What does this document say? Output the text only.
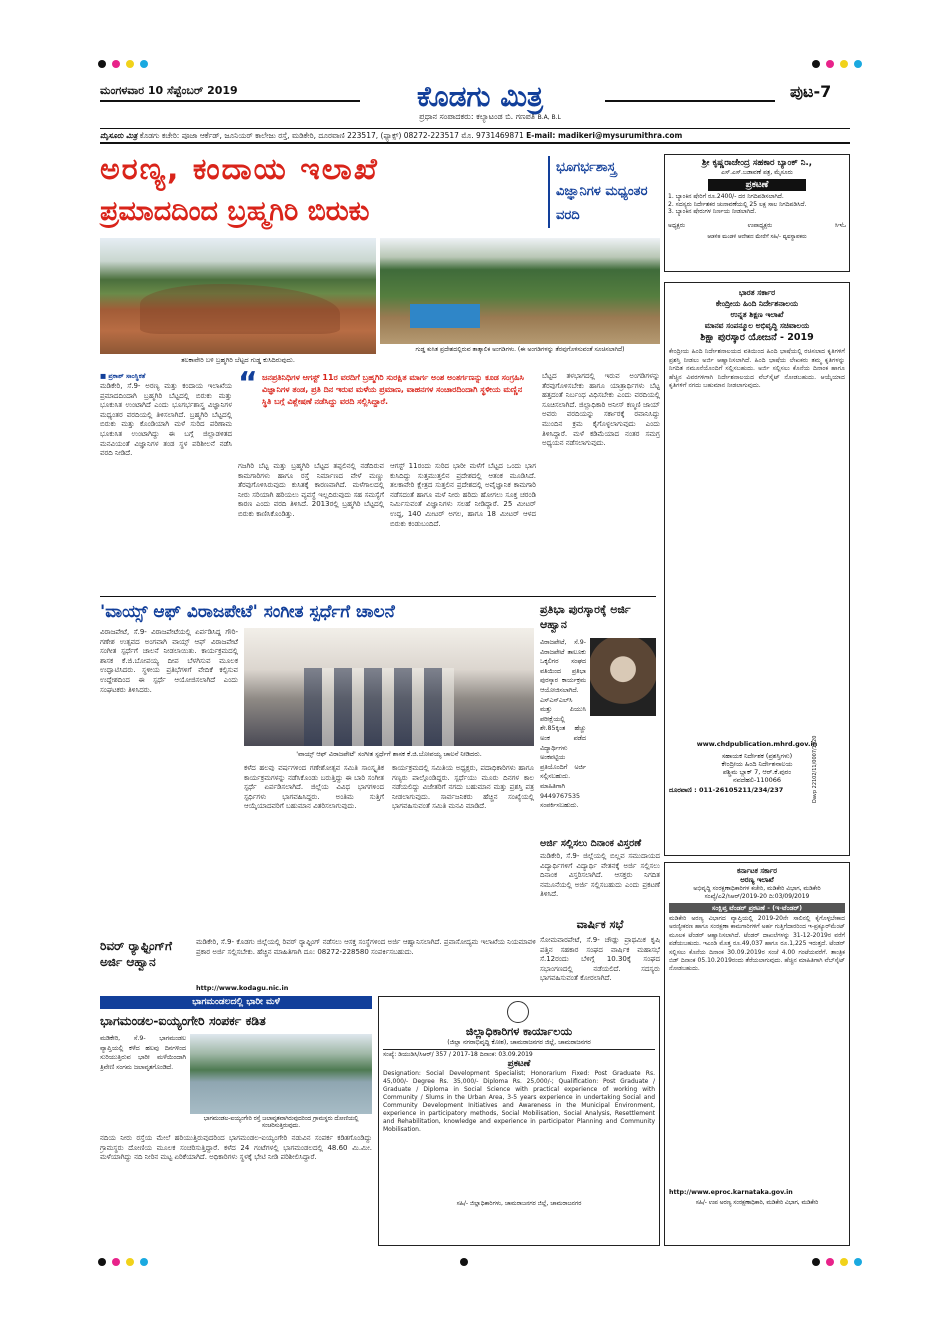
ಮಂಗಳವಾರ 10 ಸೆಪ್ಟೆಂಬರ್ 2019	ಕೊಡಗು ಮಿತ್ರ	ಪುಟ-7
ಪ್ರಧಾನ ಸಂಪಾದಕರು: ಕಲ್ಯಾಟಂಡ ಬಿ. ಗಣಪತಿ B.A, B.L
ಮೈಸೂರು ಮಿತ್ರ ಕೊಡಗು ಕಚೇರಿ: ಪೂಜಾ ಆರ್ಕೆಡ್, ಜೂನಿಯರ್ ಕಾಲೇಜು ರಸ್ತೆ, ಮಡಿಕೇರಿ, ದೂರವಾಣಿ 223517, (ಫ್ಯಾಕ್ಸ್) 08272-223517 ಮೊ. 9731469871 E-mail: madikeri@mysurumithra.com
ಅರಣ್ಯ, ಕಂದಾಯ ಇಲಾಖೆ
ಪ್ರಮಾದದಿಂದ ಬ್ರಹ್ಮಗಿರಿ ಬಿರುಕು
ಭೂಗರ್ಭಶಾಸ್ತ್ರ ವಿಜ್ಞಾನಿಗಳ ಮಧ್ಯಂತರ ವರದಿ
ತಲಕಾವೇರಿ ಬಳಿ ಬ್ರಹ್ಮಗಿರಿ ಬೆಟ್ಟದ ಗುಡ್ಡ ಕುಸಿದಿರುವುದು.
ಗುಡ್ಡ ಕುಸಿತ ಪ್ರದೇಶದಲ್ಲಿರುವ ತಾತ್ಕಾಲಿಕ ಅಂಗಡಿಗಳು. (ಈ ಅಂಗಡಿಗಳನ್ನು ತೆರವುಗೊಳಿಸುವಂತೆ ಸೂಚಿಸಲಾಗಿದೆ)
■ ಪ್ರಕಾಶ್ ಸಾಂಸ್ಥಿಕತೆ
ಮಡಿಕೇರಿ, ಸೆ.9- ಅರಣ್ಯ ಮತ್ತು ಕಂದಾಯ ಇಲಾಖೆಯ ಪ್ರಮಾದದಿಂದಾಗಿ ಬ್ರಹ್ಮಗಿರಿ ಬೆಟ್ಟದಲ್ಲಿ ಬಿರುಕು ಮತ್ತು ಭೂಕುಸಿತ ಉಂಟಾಗಿದೆ ಎಂದು ಭೂಗರ್ಭಶಾಸ್ತ್ರ ವಿಜ್ಞಾನಿಗಳ ಮಧ್ಯಂತರ ವರದಿಯಲ್ಲಿ ತಿಳಿಸಲಾಗಿದೆ. ಬ್ರಹ್ಮಗಿರಿ ಬೆಟ್ಟದಲ್ಲಿ ಬಿರುಕು ಮತ್ತು ಕೊಂಡಿಯಾಗಿ ಮಳೆ ಸುರಿದ ಪರಿಣಾಮ ಭೂಕುಸಿತ ಉಂಟಾಗಿದ್ದು ಈ ಬಗ್ಗೆ ಜಿಲ್ಲಾಡಳಿತದ ಮನವಿಯಂತೆ ವಿಜ್ಞಾನಿಗಳ ತಂಡ ಸ್ಥಳ ಪರಿಶೀಲನೆ ನಡೆಸಿ ವರದಿ ನೀಡಿದೆ.
“ ಜನಪ್ರತಿನಿಧಿಗಳ ಆಗಸ್ಟ್ 11ರ ವರದಿಗೆ ಬ್ರಹ್ಮಗಿರಿ ಸುರಕ್ಷಿತ ಮಾರ್ಗ ಅಂಶ ಅಂತರ್ಗಣನ್ನು ಕೂಡ ಸಂಗ್ರಹಿಸಿ ವಿಜ್ಞಾನಿಗಳ ತಂಡ, ಪ್ರತಿ ದಿನ ಇರುವ ಮಳೆಯ ಪ್ರಮಾಣ, ವಾಹನಗಳ ಸಂಚಾರದಿಂದಾಗಿ ಸ್ಥಳೀಯ ಮಣ್ಣಿನ ಸ್ಥಿತಿ ಬಗ್ಗೆ ವಿಶ್ಲೇಷಣೆ ನಡೆಸಿದ್ದು ವರದಿ ಸಲ್ಲಿಸಿದ್ದಾರೆ.
ಗಜಗಿರಿ ಬೆಟ್ಟ ಮತ್ತು ಬ್ರಹ್ಮಗಿರಿ ಬೆಟ್ಟದ ತಪ್ಪಲಿನಲ್ಲಿ ನಡೆದಿರುವ ಕಾಮಗಾರಿಗಳು ಹಾಗೂ ರಸ್ತೆ ನಿರ್ಮಾಣದ ವೇಳೆ ಮಣ್ಣು ತೆರವುಗೊಳಿಸಿರುವುದು ಕುಸಿತಕ್ಕೆ ಕಾರಣವಾಗಿದೆ. ಮಳೆಗಾಲದಲ್ಲಿ ನೀರು ಸರಿಯಾಗಿ ಹರಿಯಲು ವ್ಯವಸ್ಥೆ ಇಲ್ಲದಿರುವುದು ಸಹ ಸಮಸ್ಯೆಗೆ ಕಾರಣ ಎಂದು ವರದಿ ತಿಳಿಸಿದೆ. 2013ರಲ್ಲಿ ಬ್ರಹ್ಮಗಿರಿ ಬೆಟ್ಟದಲ್ಲಿ ಬಿರುಕು ಕಾಣಿಸಿಕೊಂಡಿತ್ತು.
ಆಗಸ್ಟ್ 11ರಂದು ಸುರಿದ ಭಾರೀ ಮಳೆಗೆ ಬೆಟ್ಟದ ಒಂದು ಭಾಗ ಕುಸಿದಿದ್ದು ಸುತ್ತಮುತ್ತಲಿನ ಪ್ರದೇಶದಲ್ಲಿ ಆತಂಕ ಮೂಡಿಸಿದೆ. ತಲಕಾವೇರಿ ಕ್ಷೇತ್ರದ ಸುತ್ತಲಿನ ಪ್ರದೇಶದಲ್ಲಿ ಅವೈಜ್ಞಾನಿಕ ಕಾಮಗಾರಿ ನಡೆಸದಂತೆ ಹಾಗೂ ಮಳೆ ನೀರು ಹರಿದು ಹೋಗಲು ಸೂಕ್ತ ಚರಂಡಿ ನಿರ್ಮಿಸುವಂತೆ ವಿಜ್ಞಾನಿಗಳು ಸಲಹೆ ನೀಡಿದ್ದಾರೆ. 25 ಮೀಟರ್ ಉದ್ದ, 140 ಮೀಟರ್ ಅಗಲ, ಹಾಗೂ 18 ಮೀಟರ್ ಆಳದ ಬಿರುಕು ಕಂಡುಬಂದಿದೆ.
ಬೆಟ್ಟದ ತಳಭಾಗದಲ್ಲಿ ಇರುವ ಅಂಗಡಿಗಳನ್ನು ತೆರವುಗೊಳಿಸಬೇಕು ಹಾಗೂ ಯಾತ್ರಾರ್ಥಿಗಳು ಬೆಟ್ಟ ಹತ್ತದಂತೆ ನಿರ್ಬಂಧ ವಿಧಿಸಬೇಕು ಎಂದು ವರದಿಯಲ್ಲಿ ಸೂಚಿಸಲಾಗಿದೆ. ಜಿಲ್ಲಾಧಿಕಾರಿ ಅನೀಸ್ ಕಣ್ಮಣಿ ಜಾಯ್ ಅವರು ವರದಿಯನ್ನು ಸರ್ಕಾರಕ್ಕೆ ರವಾನಿಸಿದ್ದು ಮುಂದಿನ ಕ್ರಮ ಕೈಗೊಳ್ಳಲಾಗುವುದು ಎಂದು ತಿಳಿಸಿದ್ದಾರೆ. ಮಳೆ ಕಡಿಮೆಯಾದ ನಂತರ ಸಮಗ್ರ ಅಧ್ಯಯನ ನಡೆಸಲಾಗುವುದು.
ಶ್ರೀ ಕೃಷ್ಣರಾಜೇಂದ್ರ ಸಹಕಾರ ಬ್ಯಾಂಕ್ ನಿ.,
ಎಸ್.ಎಸ್.ಬಡಾವಣೆ ಪತ್ರ, ಮೈಸೂರು
ಪ್ರಕಟಣೆ
1. ಬ್ಯಾಂಕಿನ ಷೇರಿಗೆ ರೂ.2400/- ದರ ನಿಗದಿಪಡಿಸಲಾಗಿದೆ.
2. ಸದಸ್ಯರು ನಿರ್ದೇಶಕರ ಚುನಾವಣೆಯಲ್ಲಿ 25 ಲಕ್ಷ ಸಾಲ ನಿಗದಿಪಡಿಸಿದೆ.
3. ಬ್ಯಾಂಕಿನ ಷೇರುಗಳ ನಿರ್ಣಯ ನೀಡಲಾಗಿದೆ.
ಅಧ್ಯಕ್ಷರು	ಉಪಾಧ್ಯಕ್ಷರು	ಸಿಇಓ
ಆಡಳಿತ ಮಂಡಳಿ ಆದೇಶದ ಮೇರೆಗೆ ಸಹಿ/- ವ್ಯವಸ್ಥಾಪಕರು
ಭಾರತ ಸರ್ಕಾರ
ಕೇಂದ್ರೀಯ ಹಿಂದಿ ನಿರ್ದೇಶನಾಲಯ
ಉನ್ನತ ಶಿಕ್ಷಣ ಇಲಾಖೆ
ಮಾನವ ಸಂಪನ್ಮೂಲ ಅಭಿವೃದ್ಧಿ ಸಚಿವಾಲಯ
ಶಿಕ್ಷಾ ಪುರಸ್ಕಾರ ಯೋಜನೆ - 2019
ಕೇಂದ್ರೀಯ ಹಿಂದಿ ನಿರ್ದೇಶನಾಲಯದ ವತಿಯಿಂದ ಹಿಂದಿ ಭಾಷೆಯಲ್ಲಿ ರಚಿಸಲಾದ ಕೃತಿಗಳಿಗೆ ಪ್ರಶಸ್ತಿ ನೀಡಲು ಅರ್ಜಿ ಆಹ್ವಾನಿಸಲಾಗಿದೆ. ಹಿಂದಿ ಭಾಷೆಯ ಲೇಖಕರು ತಮ್ಮ ಕೃತಿಗಳನ್ನು ನಿಗದಿತ ನಮೂನೆಯೊಂದಿಗೆ ಸಲ್ಲಿಸಬಹುದು. ಅರ್ಜಿ ಸಲ್ಲಿಸಲು ಕೊನೆಯ ದಿನಾಂಕ ಹಾಗೂ ಹೆಚ್ಚಿನ ವಿವರಗಳಿಗಾಗಿ ನಿರ್ದೇಶನಾಲಯದ ವೆಬ್‌ಸೈಟ್ ನೋಡಬಹುದು. ಆಯ್ಕೆಯಾದ ಕೃತಿಗಳಿಗೆ ನಗದು ಬಹುಮಾನ ನೀಡಲಾಗುವುದು.
www.chdpublication.mhrd.gov.in
ಸಹಾಯಕ ನಿರ್ದೇಶಕ (ಪ್ರಶಸ್ತಿಗಳು)
ಕೇಂದ್ರೀಯ ಹಿಂದಿ ನಿರ್ದೇಶನಾಲಯ
ಪಶ್ಚಿಮ ಬ್ಲಾಕ್ 7, ಆರ್.ಕೆ.ಪುರಂ
ನವದೆಹಲಿ-110066
ದೂರವಾಣಿ : 011-26105211/234/237	Davp 22102/11/0007/1920
'ವಾಯ್ಸ್ ಆಫ್ ವಿರಾಜಪೇಟೆ' ಸಂಗೀತ ಸ್ಪರ್ಧೆಗೆ ಚಾಲನೆ
ವಿರಾಜಪೇಟೆ, ಸೆ.9- ವಿರಾಜಪೇಟೆಯಲ್ಲಿ ಏರ್ಪಡಿಸಿದ್ದ ಗೌರಿ-ಗಣೇಶ ಉತ್ಸವದ ಅಂಗವಾಗಿ ವಾಯ್ಸ್ ಆಫ್ ವಿರಾಜಪೇಟೆ ಸಂಗೀತ ಸ್ಪರ್ಧೆಗೆ ಚಾಲನೆ ನೀಡಲಾಯಿತು. ಕಾರ್ಯಕ್ರಮದಲ್ಲಿ ಶಾಸಕ ಕೆ.ಜಿ.ಬೋಪಯ್ಯ ದೀಪ ಬೆಳಗಿಸುವ ಮೂಲಕ ಉದ್ಘಾಟಿಸಿದರು. ಸ್ಥಳೀಯ ಪ್ರತಿಭೆಗಳಿಗೆ ವೇದಿಕೆ ಕಲ್ಪಿಸುವ ಉದ್ದೇಶದಿಂದ ಈ ಸ್ಪರ್ಧೆ ಆಯೋಜಿಸಲಾಗಿದೆ ಎಂದು ಸಂಘಟಕರು ತಿಳಿಸಿದರು.
'ವಾಯ್ಸ್ ಆಫ್ ವಿರಾಜಪೇಟೆ' ಸಂಗೀತ ಸ್ಪರ್ಧೆಗೆ ಶಾಸಕ ಕೆ.ಜಿ.ಬೋಪಯ್ಯ ಚಾಲನೆ ನೀಡಿದರು.
ಕಳೆದ ಹಲವು ವರ್ಷಗಳಿಂದ ಗಣೇಶೋತ್ಸವ ಸಮಿತಿ ಸಾಂಸ್ಕೃತಿಕ ಕಾರ್ಯಕ್ರಮಗಳನ್ನು ನಡೆಸಿಕೊಂಡು ಬರುತ್ತಿದ್ದು ಈ ಬಾರಿ ಸಂಗೀತ ಸ್ಪರ್ಧೆ ಏರ್ಪಡಿಸಲಾಗಿದೆ. ಜಿಲ್ಲೆಯ ವಿವಿಧ ಭಾಗಗಳಿಂದ ಸ್ಪರ್ಧಿಗಳು ಭಾಗವಹಿಸಿದ್ದರು. ಅಂತಿಮ ಸುತ್ತಿಗೆ ಆಯ್ಕೆಯಾದವರಿಗೆ ಬಹುಮಾನ ವಿತರಿಸಲಾಗುವುದು.
ಕಾರ್ಯಕ್ರಮದಲ್ಲಿ ಸಮಿತಿಯ ಅಧ್ಯಕ್ಷರು, ಪದಾಧಿಕಾರಿಗಳು ಹಾಗೂ ಗಣ್ಯರು ಪಾಲ್ಗೊಂಡಿದ್ದರು. ಸ್ಪರ್ಧೆಯು ಮೂರು ದಿನಗಳ ಕಾಲ ನಡೆಯಲಿದ್ದು ವಿಜೇತರಿಗೆ ನಗದು ಬಹುಮಾನ ಮತ್ತು ಪ್ರಶಸ್ತಿ ಪತ್ರ ನೀಡಲಾಗುವುದು. ಸಾರ್ವಜನಿಕರು ಹೆಚ್ಚಿನ ಸಂಖ್ಯೆಯಲ್ಲಿ ಭಾಗವಹಿಸುವಂತೆ ಸಮಿತಿ ಮನವಿ ಮಾಡಿದೆ.
ಪ್ರತಿಭಾ ಪುರಸ್ಕಾರಕ್ಕೆ ಅರ್ಜಿ ಆಹ್ವಾನ
ವಿರಾಜಪೇಟೆ, ಸೆ.9- ವಿರಾಜಪೇಟೆ ತಾಲೂಕು ಒಕ್ಕಲಿಗರ ಸಂಘದ ವತಿಯಿಂದ ಪ್ರತಿಭಾ ಪುರಸ್ಕಾರ ಕಾರ್ಯಕ್ರಮ ಆಯೋಜಿಸಲಾಗಿದೆ. ಎಸ್‌ಎಸ್‌ಎಲ್‌ಸಿ ಮತ್ತು ಪಿಯುಸಿ ಪರೀಕ್ಷೆಯಲ್ಲಿ ಶೇ.85ಕ್ಕಿಂತ ಹೆಚ್ಚು ಅಂಕ ಪಡೆದ ವಿದ್ಯಾರ್ಥಿಗಳು ಅಂಕಪಟ್ಟಿಯ ಪ್ರತಿಯೊಂದಿಗೆ ಅರ್ಜಿ ಸಲ್ಲಿಸಬಹುದು. ಮಾಹಿತಿಗಾಗಿ 9449767535 ಸಂಪರ್ಕಿಸಬಹುದು.
ಅರ್ಜಿ ಸಲ್ಲಿಸಲು ದಿನಾಂಕ ವಿಸ್ತರಣೆ
ಮಡಿಕೇರಿ, ಸೆ.9- ಜಿಲ್ಲೆಯಲ್ಲಿ ಬಿಲ್ಲವ ಸಮುದಾಯದ ವಿದ್ಯಾರ್ಥಿಗಳಿಗೆ ವಿದ್ಯಾರ್ಥಿ ವೇತನಕ್ಕೆ ಅರ್ಜಿ ಸಲ್ಲಿಸಲು ದಿನಾಂಕ ವಿಸ್ತರಿಸಲಾಗಿದೆ. ಆಸಕ್ತರು ನಿಗದಿತ ನಮೂನೆಯಲ್ಲಿ ಅರ್ಜಿ ಸಲ್ಲಿಸಬಹುದು ಎಂದು ಪ್ರಕಟಣೆ ತಿಳಿಸಿದೆ.
ವಾರ್ಷಿಕ ಸಭೆ
ಸೋಮವಾರಪೇಟೆ, ಸೆ.9- ಚೌಡ್ಲು ಪ್ರಾಥಮಿಕ ಕೃಷಿ ಪತ್ತಿನ ಸಹಕಾರ ಸಂಘದ ವಾರ್ಷಿಕ ಮಹಾಸಭೆ ಸೆ.12ರಂದು ಬೆಳಿಗ್ಗೆ 10.30ಕ್ಕೆ ಸಂಘದ ಸಭಾಂಗಣದಲ್ಲಿ ನಡೆಯಲಿದೆ. ಸದಸ್ಯರು ಭಾಗವಹಿಸುವಂತೆ ಕೋರಲಾಗಿದೆ.
ರಿವರ್ ರ‍್ಯಾಫ್ಟಿಂಗ್‌ಗೆ ಅರ್ಜಿ ಆಹ್ವಾನ
ಮಡಿಕೇರಿ, ಸೆ.9- ಕೊಡಗು ಜಿಲ್ಲೆಯಲ್ಲಿ ರಿವರ್ ರ‍್ಯಾಫ್ಟಿಂಗ್ ನಡೆಸಲು ಆಸಕ್ತ ಸಂಸ್ಥೆಗಳಿಂದ ಅರ್ಜಿ ಆಹ್ವಾನಿಸಲಾಗಿದೆ. ಪ್ರವಾಸೋದ್ಯಮ ಇಲಾಖೆಯ ನಿಯಮಾವಳಿ ಪ್ರಕಾರ ಅರ್ಜಿ ಸಲ್ಲಿಸಬೇಕು. ಹೆಚ್ಚಿನ ಮಾಹಿತಿಗಾಗಿ ದೂ: 08272-228580 ಸಂಪರ್ಕಿಸಬಹುದು.
http://www.kodagu.nic.in
ಭಾಗಮಂಡಲದಲ್ಲಿ ಭಾರೀ ಮಳೆ
ಭಾಗಮಂಡಲ-ಐಯ್ಯಂಗೇರಿ ಸಂಪರ್ಕ ಕಡಿತ
ಮಡಿಕೇರಿ, ಸೆ.9- ಭಾಗಮಂಡಲ ವ್ಯಾಪ್ತಿಯಲ್ಲಿ ಕಳೆದ ಹಲವು ದಿನಗಳಿಂದ ಸುರಿಯುತ್ತಿರುವ ಭಾರೀ ಮಳೆಯಿಂದಾಗಿ ತ್ರಿವೇಣಿ ಸಂಗಮ ಜಲಾವೃತಗೊಂಡಿದೆ.
ಭಾಗಮಂಡಲ-ಐಯ್ಯಂಗೇರಿ ರಸ್ತೆ ಜಲಾವೃತವಾಗಿರುವುದರಿಂದ ಗ್ರಾಮಸ್ಥರು ದೋಣಿಯಲ್ಲಿ ಸಂಚರಿಸುತ್ತಿರುವುದು.
ನದಿಯ ನೀರು ರಸ್ತೆಯ ಮೇಲೆ ಹರಿಯುತ್ತಿರುವುದರಿಂದ ಭಾಗಮಂಡಲ-ಐಯ್ಯಂಗೇರಿ ನಡುವಿನ ಸಂಪರ್ಕ ಕಡಿತಗೊಂಡಿದ್ದು ಗ್ರಾಮಸ್ಥರು ದೋಣಿಯ ಮೂಲಕ ಸಂಚರಿಸುತ್ತಿದ್ದಾರೆ. ಕಳೆದ 24 ಗಂಟೆಗಳಲ್ಲಿ ಭಾಗಮಂಡಲದಲ್ಲಿ 48.60 ಮಿ.ಮೀ. ಮಳೆಯಾಗಿದ್ದು ನದಿ ನೀರಿನ ಮಟ್ಟ ಏರಿಕೆಯಾಗಿದೆ. ಅಧಿಕಾರಿಗಳು ಸ್ಥಳಕ್ಕೆ ಭೇಟಿ ನೀಡಿ ಪರಿಶೀಲಿಸಿದ್ದಾರೆ.
ಜಿಲ್ಲಾಧಿಕಾರಿಗಳ ಕಾರ್ಯಾಲಯ
(ಜಿಲ್ಲಾ ನಗರಾಭಿವೃದ್ಧಿ ಕೋಶ), ಚಾಮರಾಜನಗರ ಜಿಲ್ಲೆ, ಚಾಮರಾಜನಗರ
ಸಂಖ್ಯೆ: ಡಿಯುಡಿಸಿ/ಸಿಆರ್/ 357 / 2017-18 ದಿನಾಂಕ: 03.09.2019
ಪ್ರಕಟಣೆ
Designation: Social Development Specialist; Honorarium Fixed: Post Graduate Rs. 45,000/- Degree Rs. 35,000/- Diploma Rs. 25,000/-; Qualification: Post Graduate / Graduate / Diploma in Social Science with practical experience of working with Community / Slums in the Urban Area, 3-5 years experience in undertaking Social and Community Development Initiatives and Awareness in the Municipal Environment, experience in participatory methods, Social Mobilisation, Social Analysis, Resettlement and Rehabilitation, knowledge and experience in participator Planning and Community Mobilisation.
ಸಹಿ/- ಜಿಲ್ಲಾಧಿಕಾರಿಗಳು, ಚಾಮರಾಜನಗರ ಜಿಲ್ಲೆ, ಚಾಮರಾಜನಗರ
ಕರ್ನಾಟಕ ಸರ್ಕಾರ
ಅರಣ್ಯ ಇಲಾಖೆ
ಅಭಿವೃದ್ಧಿ ಸಂರಕ್ಷಣಾಧಿಕಾರಿಗಳ ಕಚೇರಿ, ಮಡಿಕೇರಿ ವಿಭಾಗ, ಮಡಿಕೇರಿ
ಸಂಖ್ಯೆ/ಎ2/ಸಿಆರ್/2019-20 ದಿ:03/09/2019
ಸಂಕ್ಷಿಪ್ತ ಟೆಂಡರ್ ಪ್ರಕಟಣೆ - (ಇ-ಟೆಂಡರ್)
ಮಡಿಕೇರಿ ಅರಣ್ಯ ವಿಭಾಗದ ವ್ಯಾಪ್ತಿಯಲ್ಲಿ 2019-20ನೇ ಸಾಲಿನಲ್ಲಿ ಕೈಗೊಳ್ಳಬೇಕಾದ ಅರಣ್ಯೀಕರಣ ಹಾಗೂ ಸಂರಕ್ಷಣಾ ಕಾಮಗಾರಿಗಳಿಗೆ ಅರ್ಹ ಗುತ್ತಿಗೆದಾರರಿಂದ ಇ-ಪ್ರಕ್ಯೂರ್‌ಮೆಂಟ್ ಮೂಲಕ ಟೆಂಡರ್ ಆಹ್ವಾನಿಸಲಾಗಿದೆ. ಟೆಂಡರ್ ದಾಖಲೆಗಳನ್ನು 31-12-2019ರ ವರೆಗೆ ಪಡೆಯಬಹುದು. ಇಎಂಡಿ ಮೊತ್ತ ರೂ.49,037 ಹಾಗೂ ರೂ.1,225 ಇರುತ್ತದೆ. ಟೆಂಡರ್ ಸಲ್ಲಿಸಲು ಕೊನೆಯ ದಿನಾಂಕ 30.09.2019ರ ಸಂಜೆ 4.00 ಗಂಟೆಯವರೆಗೆ. ತಾಂತ್ರಿಕ ಬಿಡ್ ದಿನಾಂಕ 05.10.2019ರಂದು ತೆರೆಯಲಾಗುವುದು. ಹೆಚ್ಚಿನ ಮಾಹಿತಿಗಾಗಿ ವೆಬ್‌ಸೈಟ್ ನೋಡಬಹುದು.
http://www.eproc.karnataka.gov.in
ಸಹಿ/- ಉಪ ಅರಣ್ಯ ಸಂರಕ್ಷಣಾಧಿಕಾರಿ, ಮಡಿಕೇರಿ ವಿಭಾಗ, ಮಡಿಕೇರಿ
